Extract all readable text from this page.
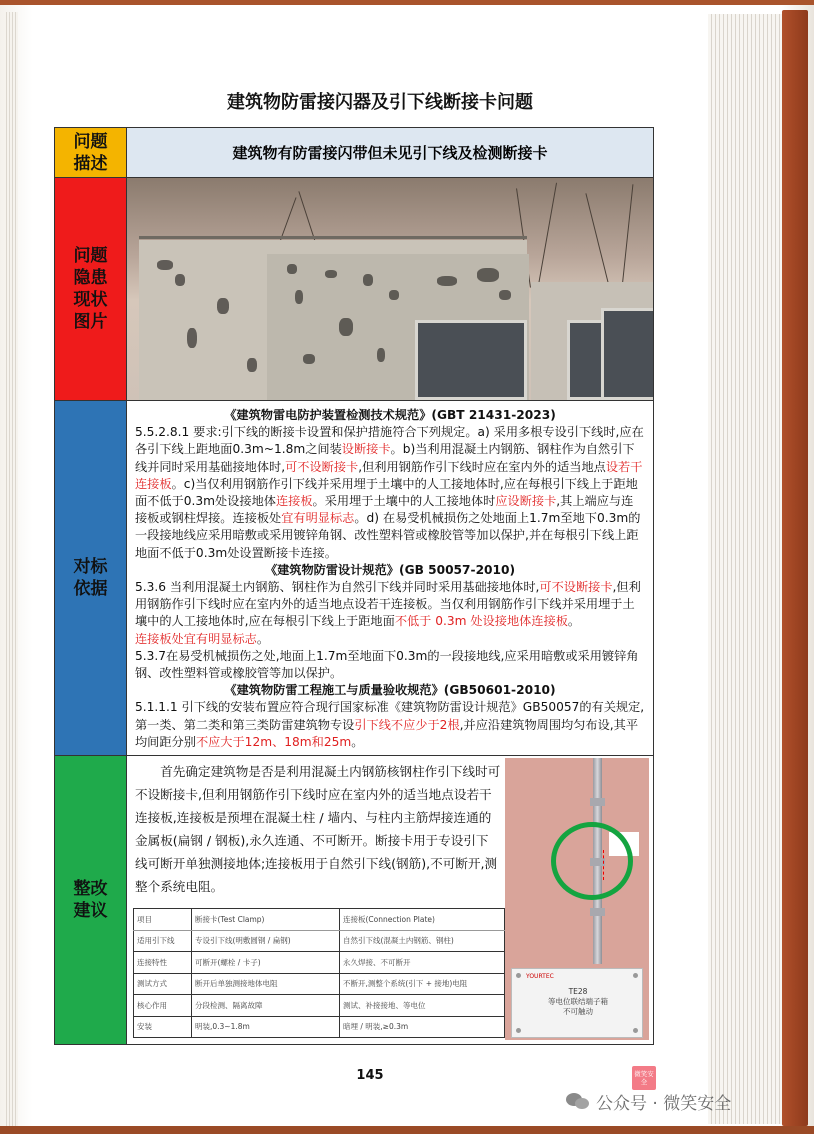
建筑物防雷接闪器及引下线断接卡问题
问题描述	建筑物有防雷接闪带但未见引下线及检测断接卡
问题隐患现状图片	

对标依据	
《建筑物雷电防护装置检测技术规范》(GBT 21431-2023)
5.5.2.8.1 要求:引下线的断接卡设置和保护措施符合下列规定。a) 采用多根专设引下线时,应在各引下线上距地面0.3m~1.8m之间装设断接卡。b)当利用混凝土内钢筋、钢柱作为自然引下线并同时采用基础接地体时,可不设断接卡,但利用钢筋作引下线时应在室内外的适当地点设若干连接板。c)当仅利用钢筋作引下线并采用埋于土壤中的人工接地体时,应在每根引下线上于距地面不低于0.3m处设接地体连接板。采用埋于土壤中的人工接地体时应设断接卡,其上端应与连接板或钢柱焊接。连接板处宜有明显标志。d) 在易受机械损伤之处地面上1.7m至地下0.3m的一段接地线应采用暗敷或采用镀锌角钢、改性塑料管或橡胶管等加以保护,并在每根引下线上距地面不低于0.3m处设置断接卡连接。
《建筑物防雷设计规范》(GB 50057-2010)
5.3.6 当利用混凝土内钢筋、钢柱作为自然引下线并同时采用基础接地体时,可不设断接卡,但利用钢筋作引下线时应在室内外的适当地点设若干连接板。当仅利用钢筋作引下线并采用埋于土壤中的人工接地体时,应在每根引下线上于距地面不低于 0.3m 处设接地体连接板。
连接板处宜有明显标志。
5.3.7在易受机械损伤之处,地面上1.7m至地面下0.3m的一段接地线,应采用暗敷或采用镀锌角钢、改性塑料管或橡胶管等加以保护。
《建筑物防雷工程施工与质量验收规范》(GB50601-2010)
5.1.1.1 引下线的安装布置应符合现行国家标准《建筑物防雷设计规范》GB50057的有关规定,第一类、第二类和第三类防雷建筑物专设引下线不应少于2根,并应沿建筑物周围均匀布设,其平均间距分别不应大于12m、18m和25m。

整改建议	
首先确定建筑物是否是利用混凝土内钢筋核钢柱作引下线时可不设断接卡,但利用钢筋作引下线时应在室内外的适当地点设若干连接板,连接板是预埋在混凝土柱 / 墙内、与柱内主筋焊接连通的金属板(扁钢 / 钢板),永久连通、不可断开。断接卡用于专设引下线可断开单独测接地体;连接板用于自然引下线(钢筋),不可断开,测整个系统电阻。
项目	断接卡(Test Clamp)	连接板(Connection Plate)
适用引下线	专设引下线(明敷圆钢 / 扁钢)	自然引下线(混凝土内钢筋、钢柱)
连接特性	可断开(螺栓 / 卡子)	永久焊接、不可断开
测试方式	断开后单独测接地体电阻	不断开,测整个系统(引下 + 接地)电阻
核心作用	分段检测、隔离故障	测试、补接接地、等电位
安装	明装,0.3~1.8m	暗埋 / 明装,≥0.3m
YOURTEC
TE28
等电位联结端子箱
不可触动
微笑安全
145
公众号 · 微笑安全
